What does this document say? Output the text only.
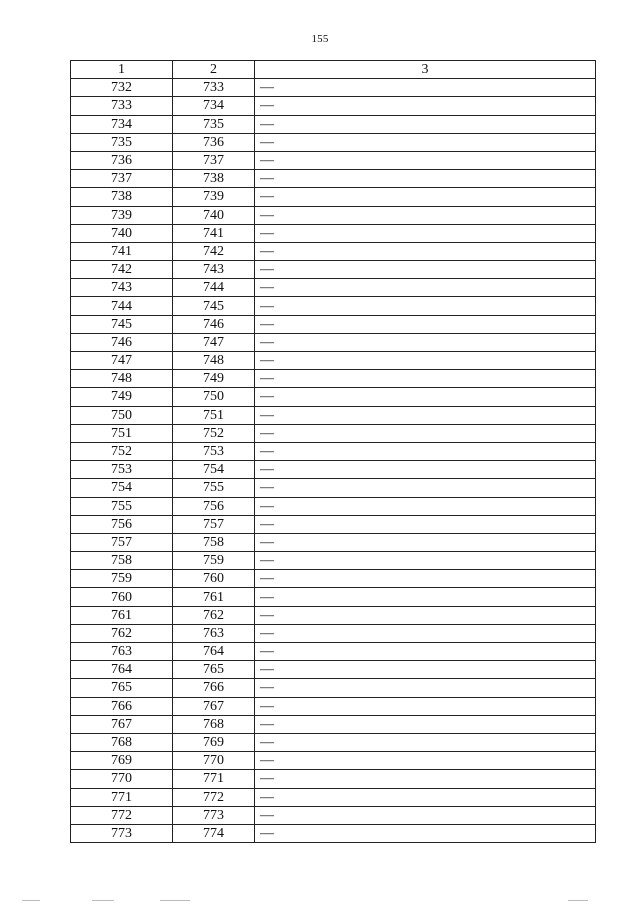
155
1	2	3
732	733	—
733	734	—
734	735	—
735	736	—
736	737	—
737	738	—
738	739	—
739	740	—
740	741	—
741	742	—
742	743	—
743	744	—
744	745	—
745	746	—
746	747	—
747	748	—
748	749	—
749	750	—
750	751	—
751	752	—
752	753	—
753	754	—
754	755	—
755	756	—
756	757	—
757	758	—
758	759	—
759	760	—
760	761	—
761	762	—
762	763	—
763	764	—
764	765	—
765	766	—
766	767	—
767	768	—
768	769	—
769	770	—
770	771	—
771	772	—
772	773	—
773	774	—
